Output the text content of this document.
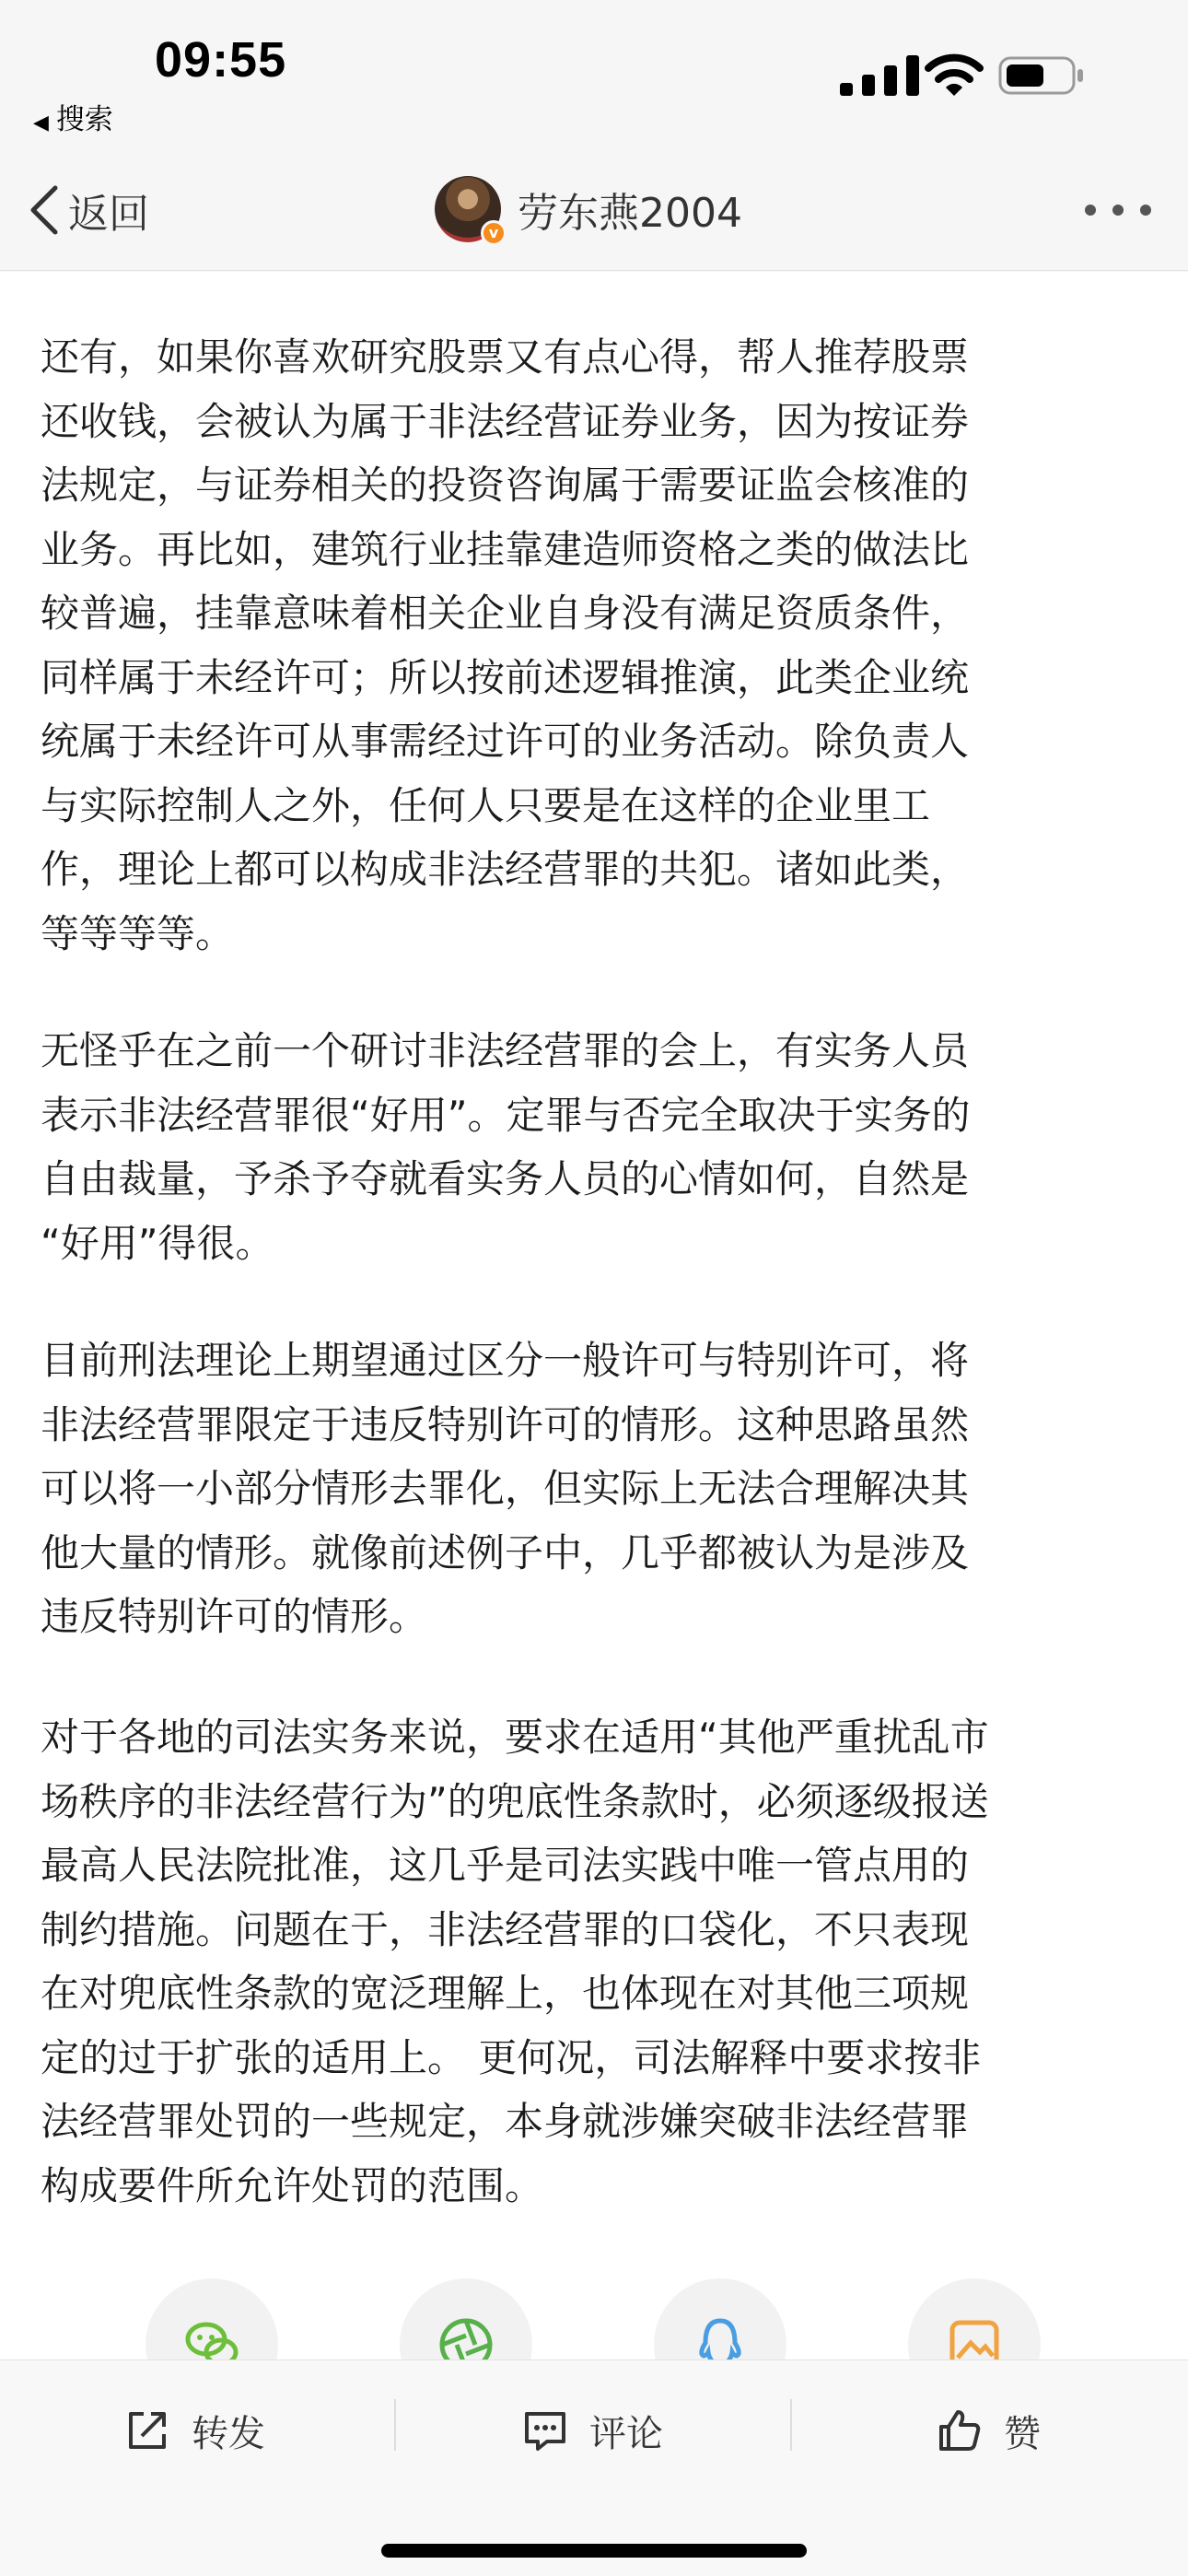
09:55
◀ 搜索
返回	v 劳东燕2004
还有，如果你喜欢研究股票又有点心得，帮人推荐股票
还收钱，会被认为属于非法经营证券业务，因为按证券
法规定，与证券相关的投资咨询属于需要证监会核准的
业务。再比如，建筑行业挂靠建造师资格之类的做法比
较普遍，挂靠意味着相关企业自身没有满足资质条件，
同样属于未经许可；所以按前述逻辑推演，此类企业统
统属于未经许可从事需经过许可的业务活动。除负责人
与实际控制人之外，任何人只要是在这样的企业里工
作，理论上都可以构成非法经营罪的共犯。诸如此类，
等等等等。
无怪乎在之前一个研讨非法经营罪的会上，有实务人员
表示非法经营罪很“好用”。定罪与否完全取决于实务的
自由裁量，予杀予夺就看实务人员的心情如何，自然是
“好用”得很。
目前刑法理论上期望通过区分一般许可与特别许可，将
非法经营罪限定于违反特别许可的情形。这种思路虽然
可以将一小部分情形去罪化，但实际上无法合理解决其
他大量的情形。就像前述例子中，几乎都被认为是涉及
违反特别许可的情形。
对于各地的司法实务来说，要求在适用“其他严重扰乱市
场秩序的非法经营行为”的兜底性条款时，必须逐级报送
最高人民法院批准，这几乎是司法实践中唯一管点用的
制约措施。问题在于，非法经营罪的口袋化，不只表现
在对兜底性条款的宽泛理解上，也体现在对其他三项规
定的过于扩张的适用上。 更何况，司法解释中要求按非
法经营罪处罚的一些规定，本身就涉嫌突破非法经营罪
构成要件所允许处罚的范围。
转发	评论	赞
